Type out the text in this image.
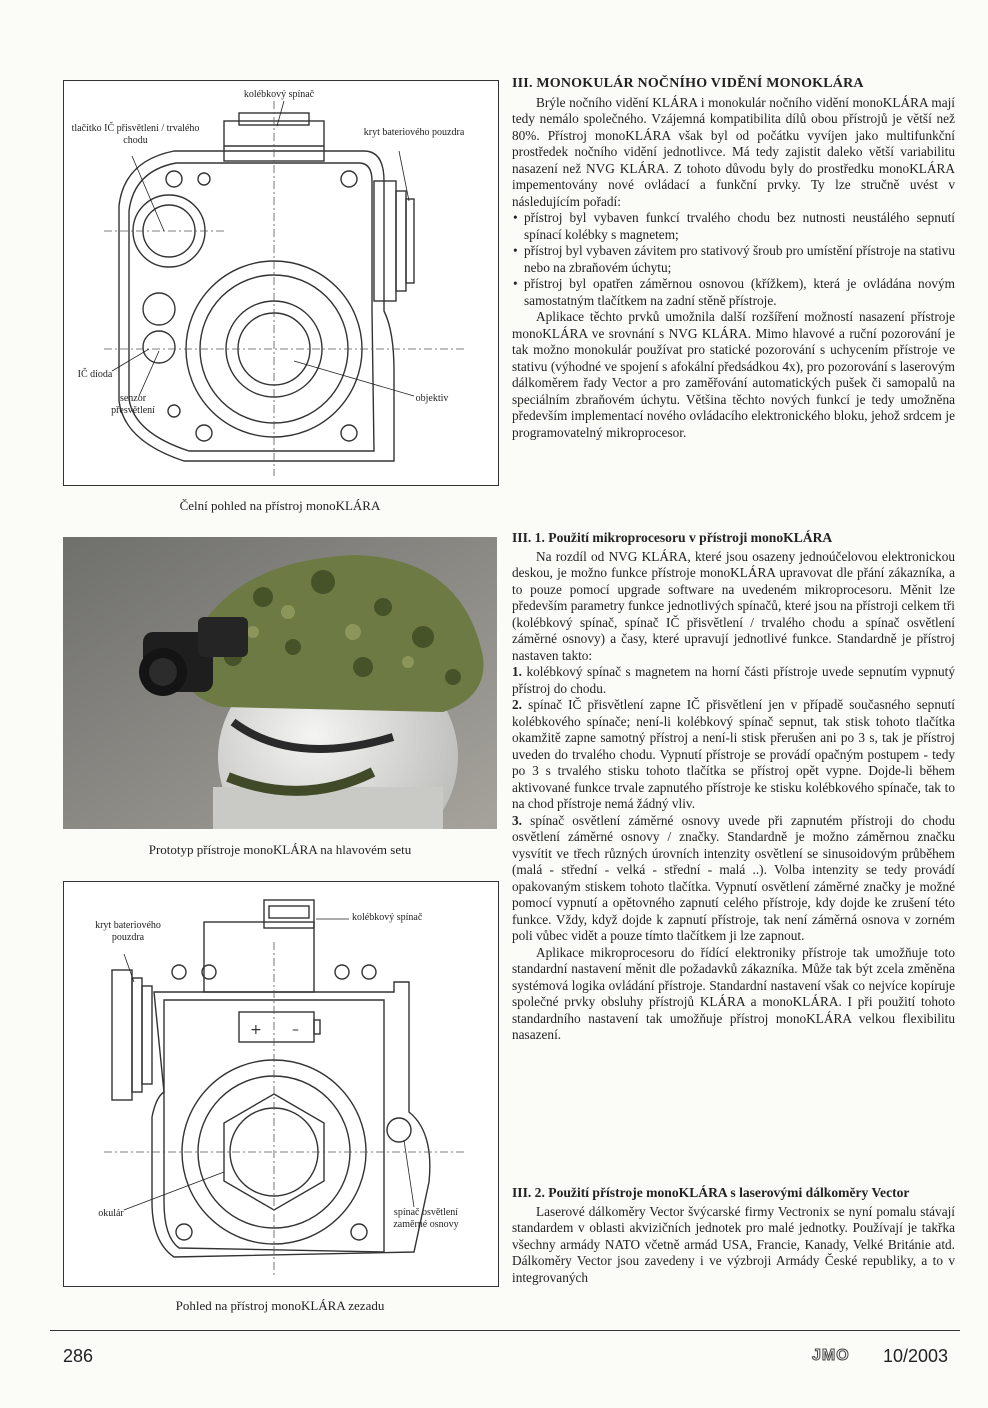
kolébkový spínač
tlačítko IČ přisvětlení / trvalého chodu
kryt bateriového pouzdra
IČ dioda
senzor přesvětlení
objektiv
Čelní pohled na přístroj monoKLÁRA
Prototyp přístroje monoKLÁRA na hlavovém setu
+ –
kryt bateriového pouzdra
kolébkový spínač
okulár	spínač osvětlení zaměrné osnovy
Pohled na přístroj monoKLÁRA zezadu
III. MONOKULÁR NOČNÍHO VIDĚNÍ MONOKLÁRA

Brýle nočního vidění KLÁRA i monokulár nočního vidění monoKLÁRA mají tedy nemálo společného. Vzájemná kompatibilita dílů obou přístrojů je větší než 80%. Přístroj monoKLÁRA však byl od počátku vyvíjen jako multifunkční prostředek nočního vidění jednotlivce. Má tedy zajistit daleko větší variabilitu nasazení než NVG KLÁRA. Z tohoto důvodu byly do prostředku monoKLÁRA impementovány nové ovládací a funkční prvky. Ty lze stručně uvést v následujícím pořadí:

• přístroj byl vybaven funkcí trvalého chodu bez nutnosti neustálého sepnutí spínací kolébky s magnetem;
• přístroj byl vybaven závitem pro stativový šroub pro umístění přístroje na stativu nebo na zbraňovém úchytu;
• přístroj byl opatřen záměrnou osnovou (křížkem), která je ovládána novým samostatným tlačítkem na zadní stěně přístroje.

Aplikace těchto prvků umožnila další rozšíření možností nasazení přístroje monoKLÁRA ve srovnání s NVG KLÁRA. Mimo hlavové a ruční pozorování je tak možno monokulár používat pro statické pozorování s uchycením přístroje ve stativu (výhodné ve spojení s afokální předsádkou 4x), pro pozorování s laserovým dálkoměrem řady Vector a pro zaměřování automatických pušek či samopalů na speciálním zbraňovém úchytu. Většina těchto nových funkcí je tedy umožněna především implementací nového ovládacího elektronického bloku, jehož srdcem je programovatelný mikroprocesor.

III. 1. Použití mikroprocesoru v přístroji monoKLÁRA

Na rozdíl od NVG KLÁRA, které jsou osazeny jednoúčelovou elektronickou deskou, je možno funkce přístroje monoKLÁRA upravovat dle přání zákazníka, a to pouze pomocí upgrade software na uvedeném mikroprocesoru. Měnit lze především parametry funkce jednotlivých spínačů, které jsou na přístroji celkem tři (kolébkový spínač, spínač IČ přisvětlení / trvalého chodu a spínač osvětlení záměrné osnovy) a časy, které upravují jednotlivé funkce. Standardně je přístroj nastaven takto:

1. kolébkový spínač s magnetem na horní části přístroje uvede sepnutím vypnutý přístroj do chodu.

2. spínač IČ přisvětlení zapne IČ přisvětlení jen v případě současného sepnutí kolébkového spínače; není-li kolébkový spínač sepnut, tak stisk tohoto tlačítka okamžitě zapne samotný přístroj a není-li stisk přerušen ani po 3 s, tak je přístroj uveden do trvalého chodu. Vypnutí přístroje se provádí opačným postupem - tedy po 3 s trvalého stisku tohoto tlačítka se přístroj opět vypne. Dojde-li během aktivované funkce trvale zapnutého přístroje ke stisku kolébkového spínače, tak to na chod přístroje nemá žádný vliv.

3. spínač osvětlení záměrné osnovy uvede při zapnutém přístroji do chodu osvětlení záměrné osnovy / značky. Standardně je možno záměrnou značku vysvítit ve třech různých úrovních intenzity osvětlení se sinusoidovým průběhem (malá - střední - velká - střední - malá ..). Volba intenzity se tedy provádí opakovaným stiskem tohoto tlačítka. Vypnutí osvětlení záměrné značky je možné pomocí vypnutí a opětovného zapnutí celého přístroje, kdy dojde ke zrušení této funkce. Vždy, když dojde k zapnutí přístroje, tak není záměrná osnova v zorném poli vůbec vidět a pouze tímto tlačítkem ji lze zapnout.

Aplikace mikroprocesoru do řídící elektroniky přístroje tak umožňuje toto standardní nastavení měnit dle požadavků zákazníka. Může tak být zcela změněna systémová logika ovládání přístroje. Standardní nastavení však co nejvíce kopíruje společné prvky obsluhy přístrojů KLÁRA a monoKLÁRA. I při použití tohoto standardního nastavení tak umožňuje přístroj monoKLÁRA velkou flexibilitu nasazení.

III. 2. Použití přístroje monoKLÁRA s laserovými dálkoměry Vector

Laserové dálkoměry Vector švýcarské firmy Vectronix se nyní pomalu stávají standardem v oblasti akvizičních jednotek pro malé jednotky. Používají je takřka všechny armády NATO včetně armád USA, Francie, Kanady, Velké Británie atd. Dálkoměry Vector jsou zavedeny i ve výzbroji Armády České republiky, a to v integrovaných

286	JMO 10/2003
